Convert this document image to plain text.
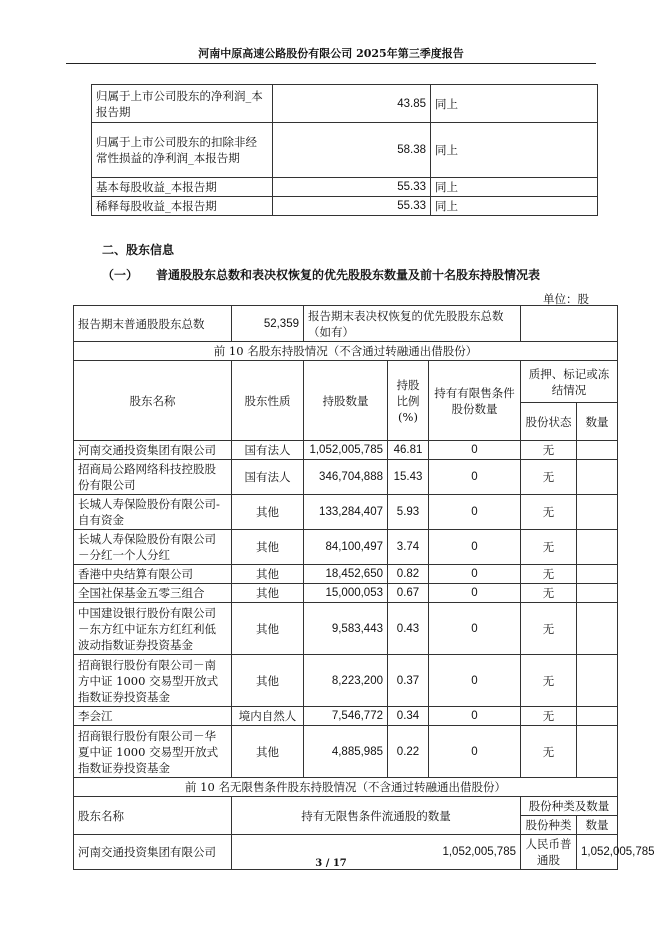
河南中原高速公路股份有限公司 2025年第三季度报告
归属于上市公司股东的净利润_本报告期	43.85	同上
归属于上市公司股东的扣除非经常性损益的净利润_本报告期	58.38	同上
基本每股收益_本报告期	55.33	同上
稀释每股收益_本报告期	55.33	同上
二、股东信息
（一） 普通股股东总数和表决权恢复的优先股股东数量及前十名股东持股情况表
单位：股
报告期末普通股股东总数	52,359	报告期末表决权恢复的优先股股东总数（如有）				
前 10 名股东持股情况（不含通过转融通出借股份）						
股东名称	股东性质	持股数量	持股比例(%)	持有有限售条件股份数量	质押、标记或冻结情况	
					股份状态	数量
河南交通投资集团有限公司	国有法人	1,052,005,785	46.81	0	无	
招商局公路网络科技控股股份有限公司	国有法人	346,704,888	15.43	0	无	
长城人寿保险股份有限公司-自有资金	其他	133,284,407	5.93	0	无	
长城人寿保险股份有限公司－分红一个人分红	其他	84,100,497	3.74	0	无	
香港中央结算有限公司	其他	18,452,650	0.82	0	无	
全国社保基金五零三组合	其他	15,000,053	0.67	0	无	
中国建设银行股份有限公司－东方红中证东方红红利低波动指数证券投资基金	其他	9,583,443	0.43	0	无	
招商银行股份有限公司－南方中证 1000 交易型开放式指数证券投资基金	其他	8,223,200	0.37	0	无	
李会江	境内自然人	7,546,772	0.34	0	无	
招商银行股份有限公司－华夏中证 1000 交易型开放式指数证券投资基金	其他	4,885,985	0.22	0	无	
前 10 名无限售条件股东持股情况（不含通过转融通出借股份）						
股东名称	持有无限售条件流通股的数量				股份种类及数量	
					股份种类	数量
河南交通投资集团有限公司	1,052,005,785				人民币普通股	1,052,005,785
3 / 17
